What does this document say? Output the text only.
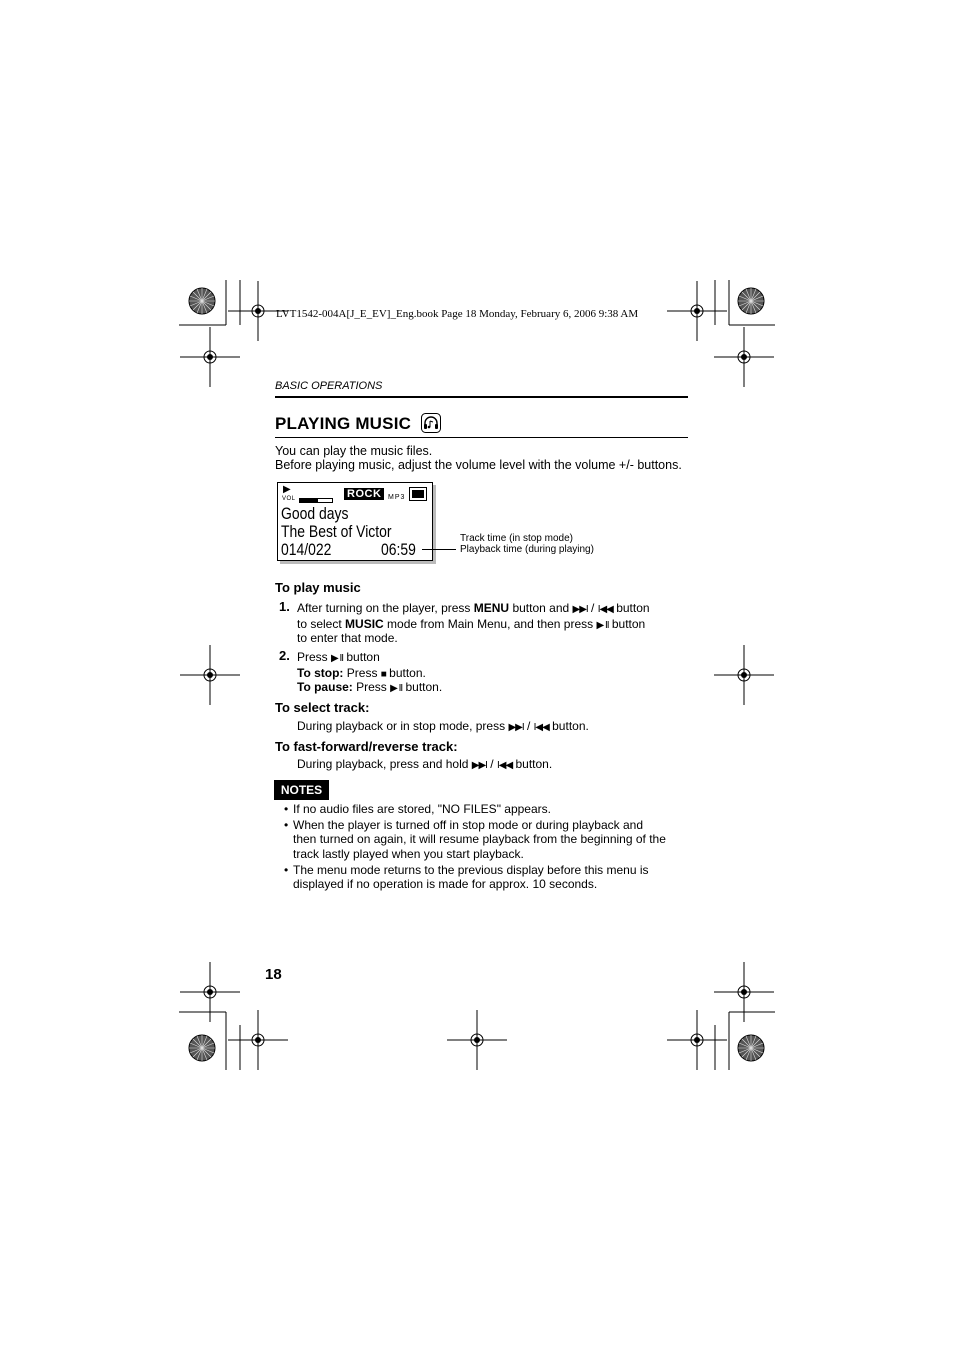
LVT1542-004A[J_E_EV]_Eng.book Page 18 Monday, February 6, 2006 9:38 AM
BASIC OPERATIONS
PLAYING MUSIC
You can play the music files.
Before playing music, adjust the volume level with the volume +/- buttons.
▶
VOL	ROCK MP3
Good days
The Best of Victor
014/022	06:59
Track time (in stop mode)
Playback time (during playing)
To play music
1. After turning on the player, press MENU button and ▶▶I / I◀◀ button
to select MUSIC mode from Main Menu, and then press ▶ II button
to enter that mode.
2. Press ▶ II button
To stop: Press ■ button.
To pause: Press ▶ II button.
To select track:
During playback or in stop mode, press ▶▶I / I◀◀ button.
To fast-forward/reverse track:
During playback, press and hold ▶▶I / I◀◀ button.
NOTES
• If no audio files are stored, "NO FILES" appears.
• When the player is turned off in stop mode or during playback and
then turned on again, it will resume playback from the beginning of the
track lastly played when you start playback.
• The menu mode returns to the previous display before this menu is
displayed if no operation is made for approx. 10 seconds.
18
